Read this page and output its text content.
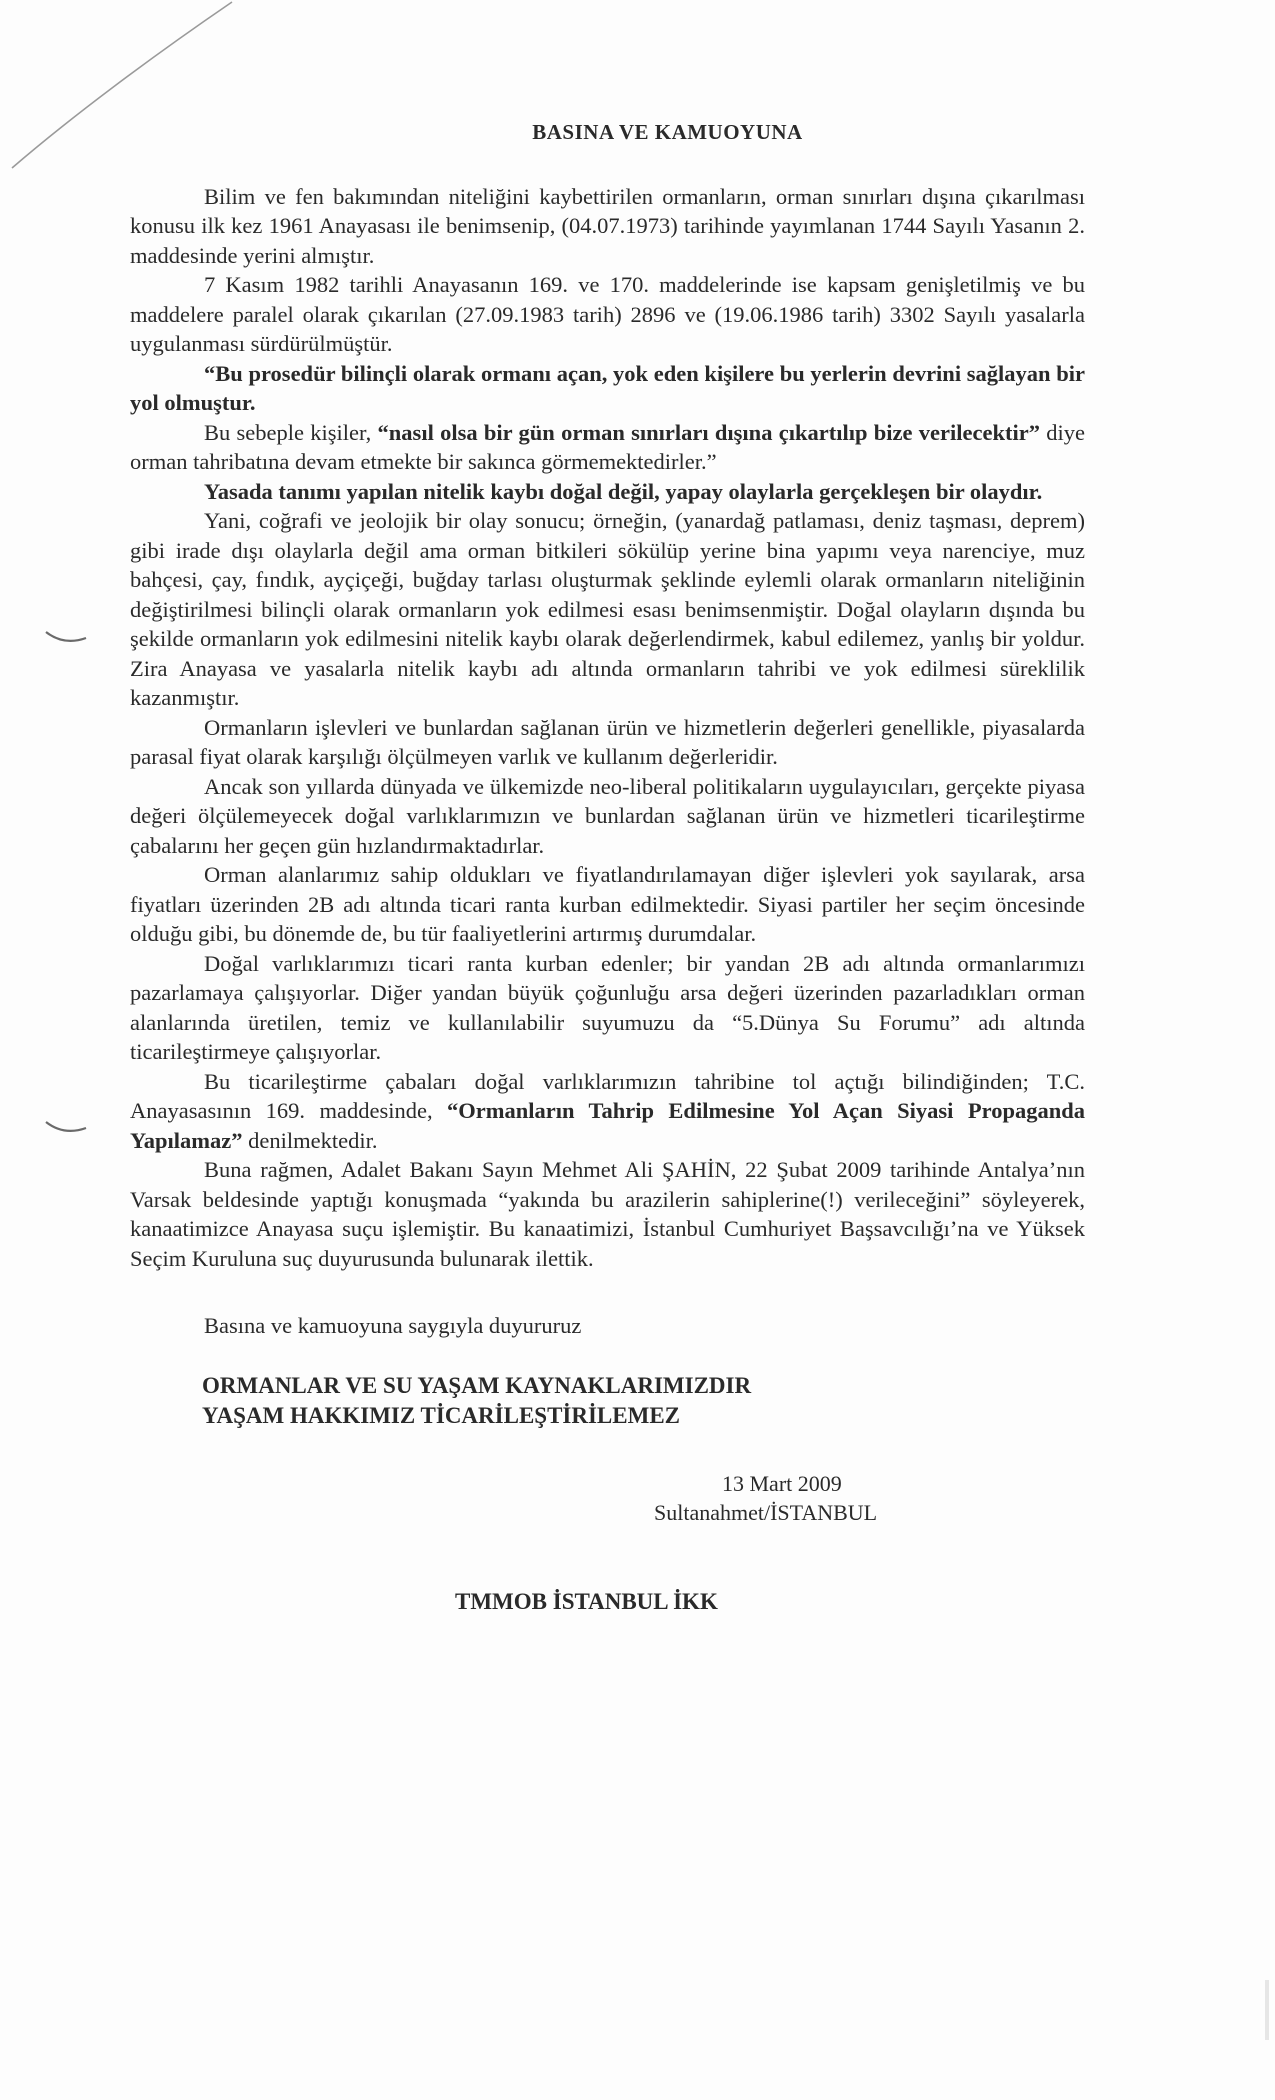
BASINA VE KAMUOYUNA

Bilim ve fen bakımından niteliğini kaybettirilen ormanların, orman sınırları dışına çıkarılması konusu ilk kez 1961 Anayasası ile benimsenip, (04.07.1973) tarihinde yayımlanan 1744 Sayılı Yasanın 2. maddesinde yerini almıştır.

7 Kasım 1982 tarihli Anayasanın 169. ve 170. maddelerinde ise kapsam genişletilmiş ve bu maddelere paralel olarak çıkarılan (27.09.1983 tarih) 2896 ve (19.06.1986 tarih) 3302 Sayılı yasalarla uygulanması sürdürülmüştür.

“Bu prosedür bilinçli olarak ormanı açan, yok eden kişilere bu yerlerin devrini sağlayan bir yol olmuştur.

Bu sebeple kişiler, “nasıl olsa bir gün orman sınırları dışına çıkartılıp bize verilecektir” diye orman tahribatına devam etmekte bir sakınca görmemektedirler.”

Yasada tanımı yapılan nitelik kaybı doğal değil, yapay olaylarla gerçekleşen bir olaydır.

Yani, coğrafi ve jeolojik bir olay sonucu; örneğin, (yanardağ patlaması, deniz taşması, deprem) gibi irade dışı olaylarla değil ama orman bitkileri sökülüp yerine bina yapımı veya narenciye, muz bahçesi, çay, fındık, ayçiçeği, buğday tarlası oluşturmak şeklinde eylemli olarak ormanların niteliğinin değiştirilmesi bilinçli olarak ormanların yok edilmesi esası benimsenmiştir. Doğal olayların dışında bu şekilde ormanların yok edilmesini nitelik kaybı olarak değerlendirmek, kabul edilemez, yanlış bir yoldur. Zira Anayasa ve yasalarla nitelik kaybı adı altında ormanların tahribi ve yok edilmesi süreklilik kazanmıştır.

Ormanların işlevleri ve bunlardan sağlanan ürün ve hizmetlerin değerleri genellikle, piyasalarda parasal fiyat olarak karşılığı ölçülmeyen varlık ve kullanım değerleridir.

Ancak son yıllarda dünyada ve ülkemizde neo-liberal politikaların uygulayıcıları, gerçekte piyasa değeri ölçülemeyecek doğal varlıklarımızın ve bunlardan sağlanan ürün ve hizmetleri ticarileştirme çabalarını her geçen gün hızlandırmaktadırlar.

Orman alanlarımız sahip oldukları ve fiyatlandırılamayan diğer işlevleri yok sayılarak, arsa fiyatları üzerinden 2B adı altında ticari ranta kurban edilmektedir. Siyasi partiler her seçim öncesinde olduğu gibi, bu dönemde de, bu tür faaliyetlerini artırmış durumdalar.

Doğal varlıklarımızı ticari ranta kurban edenler; bir yandan 2B adı altında ormanlarımızı pazarlamaya çalışıyorlar. Diğer yandan büyük çoğunluğu arsa değeri üzerinden pazarladıkları orman alanlarında üretilen, temiz ve kullanılabilir suyumuzu da “5.Dünya Su Forumu” adı altında ticarileştirmeye çalışıyorlar.

Bu ticarileştirme çabaları doğal varlıklarımızın tahribine tol açtığı bilindiğinden; T.C. Anayasasının 169. maddesinde, “Ormanların Tahrip Edilmesine Yol Açan Siyasi Propaganda Yapılamaz” denilmektedir.

Buna rağmen, Adalet Bakanı Sayın Mehmet Ali ŞAHİN, 22 Şubat 2009 tarihinde Antalya’nın Varsak beldesinde yaptığı konuşmada “yakında bu arazilerin sahiplerine(!) verileceğini” söyleyerek, kanaatimizce Anayasa suçu işlemiştir. Bu kanaatimizi, İstanbul Cumhuriyet Başsavcılığı’na ve Yüksek Seçim Kuruluna suç duyurusunda bulunarak ilettik.

Basına ve kamuoyuna saygıyla duyururuz
ORMANLAR VE SU YAŞAM KAYNAKLARIMIZDIR
YAŞAM HAKKIMIZ TİCARİLEŞTİRİLEMEZ
13 Mart 2009
Sultanahmet/İSTANBUL
TMMOB İSTANBUL İKK
